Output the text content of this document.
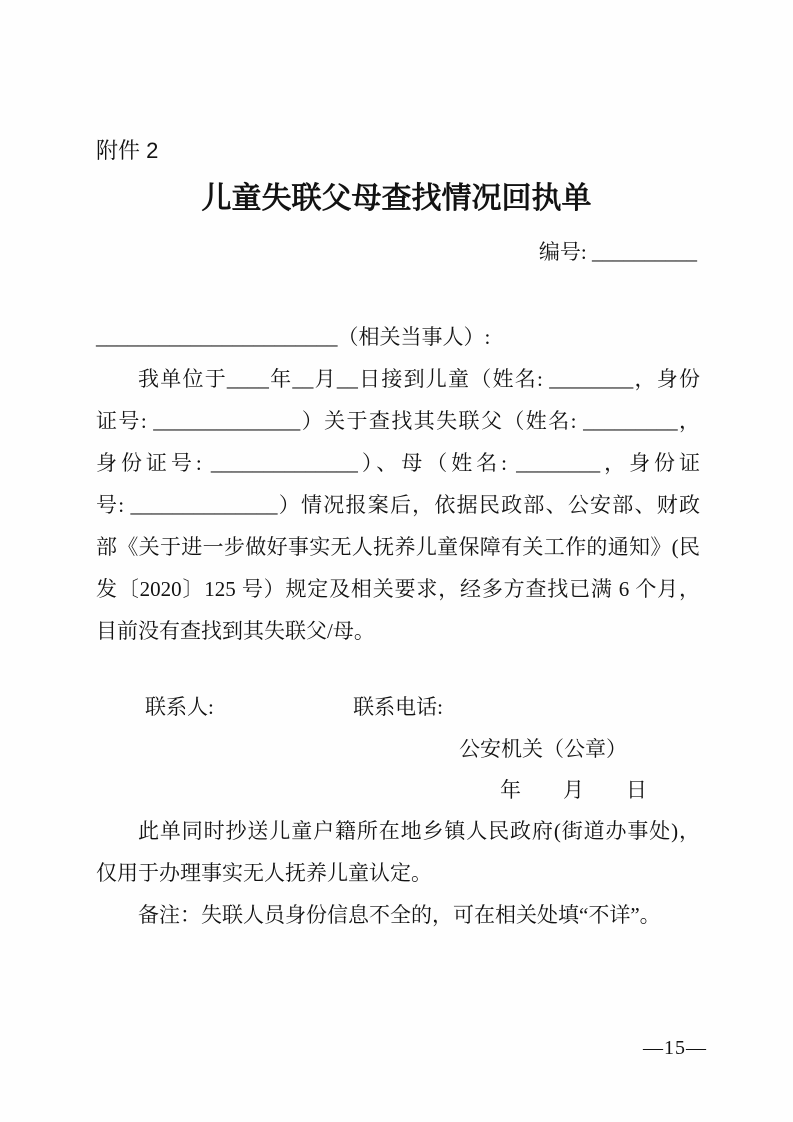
附件 2
儿童失联父母查找情况回执单
编号: __________
_______________________（相关当事人）:
我单位于____年__月__日接到儿童（姓名: ________，身份
证号: ______________）关于查找其失联父（姓名: _________，
身份证号: ______________）、母（姓名: ________，身份证
号: ______________）情况报案后，依据民政部、公安部、财政
部《关于进一步做好事实无人抚养儿童保障有关工作的通知》(民
发〔2020〕125 号）规定及相关要求，经多方查找已满 6 个月，
目前没有查找到其失联父/母。
联系人:	联系电话:
公安机关（公章）
年　　月　　日
此单同时抄送儿童户籍所在地乡镇人民政府(街道办事处)，
仅用于办理事实无人抚养儿童认定。
备注：失联人员身份信息不全的，可在相关处填“不详”。
—15—
